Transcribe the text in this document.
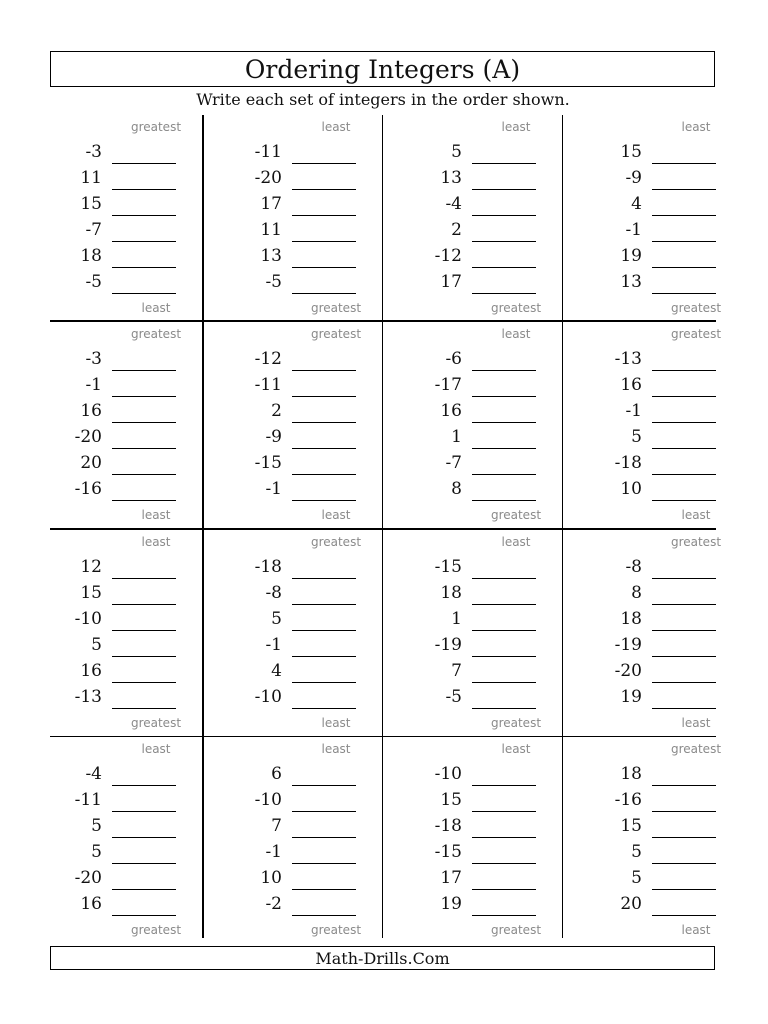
Ordering Integers (A)
Write each set of integers in the order shown.
greatest
-3
11
15
-7
18
-5
least
least
-11
-20
17
11
13
-5
greatest
least
5
13
-4
2
-12
17
greatest
least
15
-9
4
-1
19
13
greatest
greatest
-3
-1
16
-20
20
-16
least
greatest
-12
-11
2
-9
-15
-1
least
least
-6
-17
16
1
-7
8
greatest
greatest
-13
16
-1
5
-18
10
least
least
12
15
-10
5
16
-13
greatest
greatest
-18
-8
5
-1
4
-10
least
least
-15
18
1
-19
7
-5
greatest
greatest
-8
8
18
-19
-20
19
least
least
-4
-11
5
5
-20
16
greatest
least
6
-10
7
-1
10
-2
greatest
least
-10
15
-18
-15
17
19
greatest
greatest
18
-16
15
5
5
20
least
Math-Drills.Com
